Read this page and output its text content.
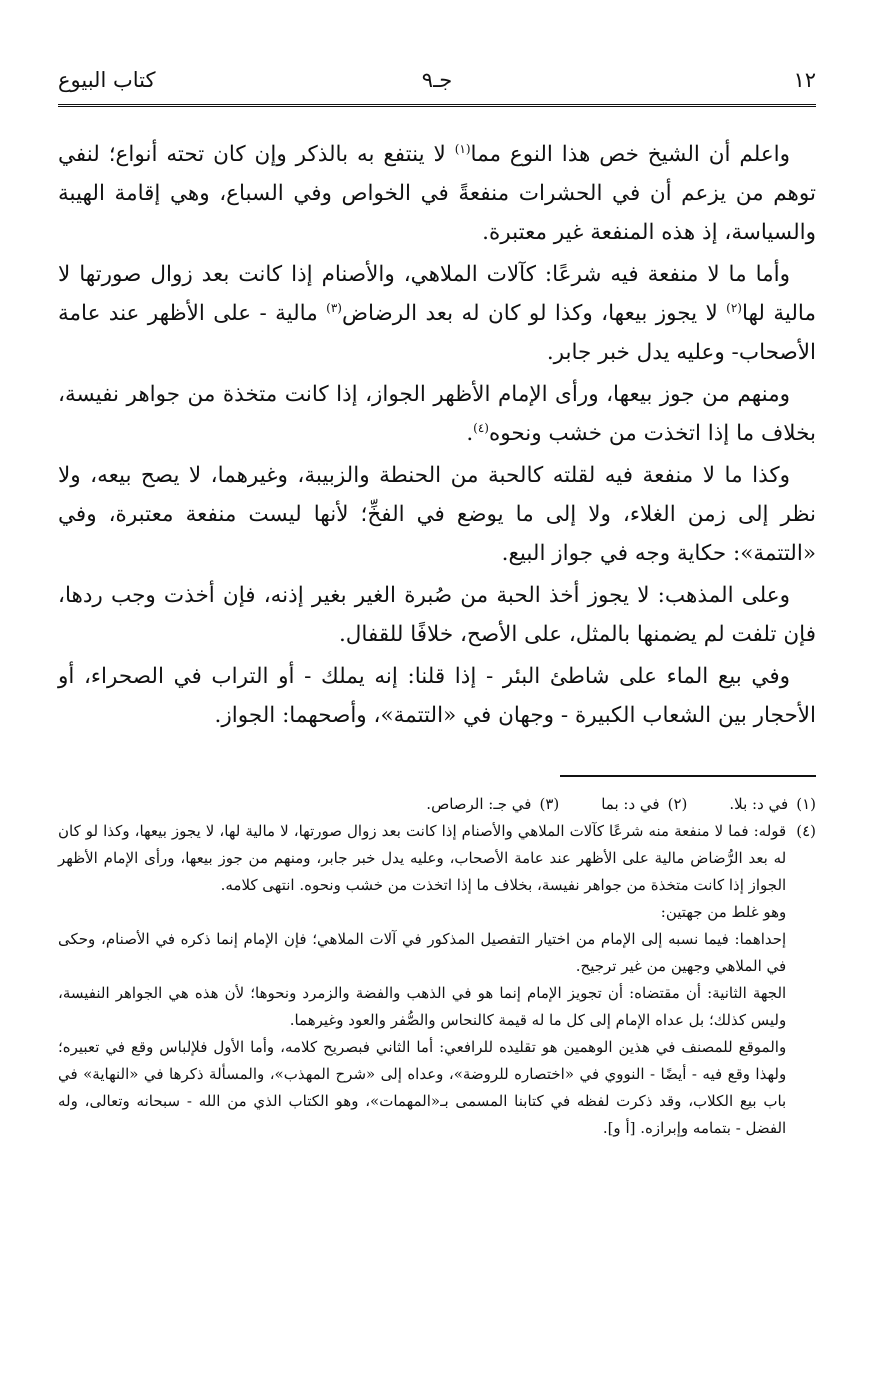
١٢
جـ٩
كتاب البيوع

واعلم أن الشيخ خص هذا النوع مما$^{(١)}$ لا ينتفع به بالذكر وإن كان تحته أنواع؛ لنفي توهم من يزعم أن في الحشرات منفعةً في الخواص وفي السباع، وهي إقامة الهيبة والسياسة، إذ هذه المنفعة غير معتبرة.

وأما ما لا منفعة فيه شرعًا: كآلات الملاهي، والأصنام إذا كانت بعد زوال صورتها لا مالية لها$^{(٢)}$ لا يجوز بيعها، وكذا لو كان له بعد الرضاض$^{(٣)}$ مالية - على الأظهر عند عامة الأصحاب- وعليه يدل خبر جابر.

ومنهم من جوز بيعها، ورأى الإمام الأظهر الجواز، إذا كانت متخذة من جواهر نفيسة، بخلاف ما إذا اتخذت من خشب ونحوه$^{(٤)}$.

وكذا ما لا منفعة فيه لقلته كالحبة من الحنطة والزبيبة، وغيرهما، لا يصح بيعه، ولا نظر إلى زمن الغلاء، ولا إلى ما يوضع في الفخِّ؛ لأنها ليست منفعة معتبرة، وفي «التتمة»: حكاية وجه في جواز البيع.

وعلى المذهب: لا يجوز أخذ الحبة من صُبرة الغير بغير إذنه، فإن أخذت وجب ردها، فإن تلفت لم يضمنها بالمثل، على الأصح، خلافًا للقفال.

وفي بيع الماء على شاطئ البئر - إذا قلنا: إنه يملك - أو التراب في الصحراء، أو الأحجار بين الشعاب الكبيرة - وجهان في «التتمة»، وأصحهما: الجواز.

(١)
في د: بلا.
(٢)
في د: بما
(٣)
في جـ: الرصاص.
(٤)

قوله: فما لا منفعة منه شرعًا كآلات الملاهي والأصنام إذا كانت بعد زوال صورتها، لا مالية لها، لا يجوز بيعها، وكذا لو كان له بعد الرُّضاض مالية على الأظهر عند عامة الأصحاب، وعليه يدل خبر جابر، ومنهم من جوز بيعها، ورأى الإمام الأظهر الجواز إذا كانت متخذة من جواهر نفيسة، بخلاف ما إذا اتخذت من خشب ونحوه. انتهى كلامه.

وهو غلط من جهتين:

إحداهما: فيما نسبه إلى الإمام من اختيار التفصيل المذكور في آلات الملاهي؛ فإن الإمام إنما ذكره في الأصنام، وحكى في الملاهي وجهين من غير ترجيح.

الجهة الثانية: أن مقتضاه: أن تجويز الإمام إنما هو في الذهب والفضة والزمرد ونحوها؛ لأن هذه هي الجواهر النفيسة، وليس كذلك؛ بل عداه الإمام إلى كل ما له قيمة كالنحاس والصُّفر والعود وغيرهما.

والموقع للمصنف في هذين الوهمين هو تقليده للرافعي: أما الثاني فبصريح كلامه، وأما الأول فلإلباس وقع في تعبيره؛ ولهذا وقع فيه - أيضًا - النووي في «اختصاره للروضة»، وعداه إلى «شرح المهذب»، والمسألة ذكرها في «النهاية» في باب بيع الكلاب، وقد ذكرت لفظه في كتابنا المسمى بـ«المهمات»، وهو الكتاب الذي من الله - سبحانه وتعالى، وله الفضل - بتمامه وإبرازه. [أ و].
